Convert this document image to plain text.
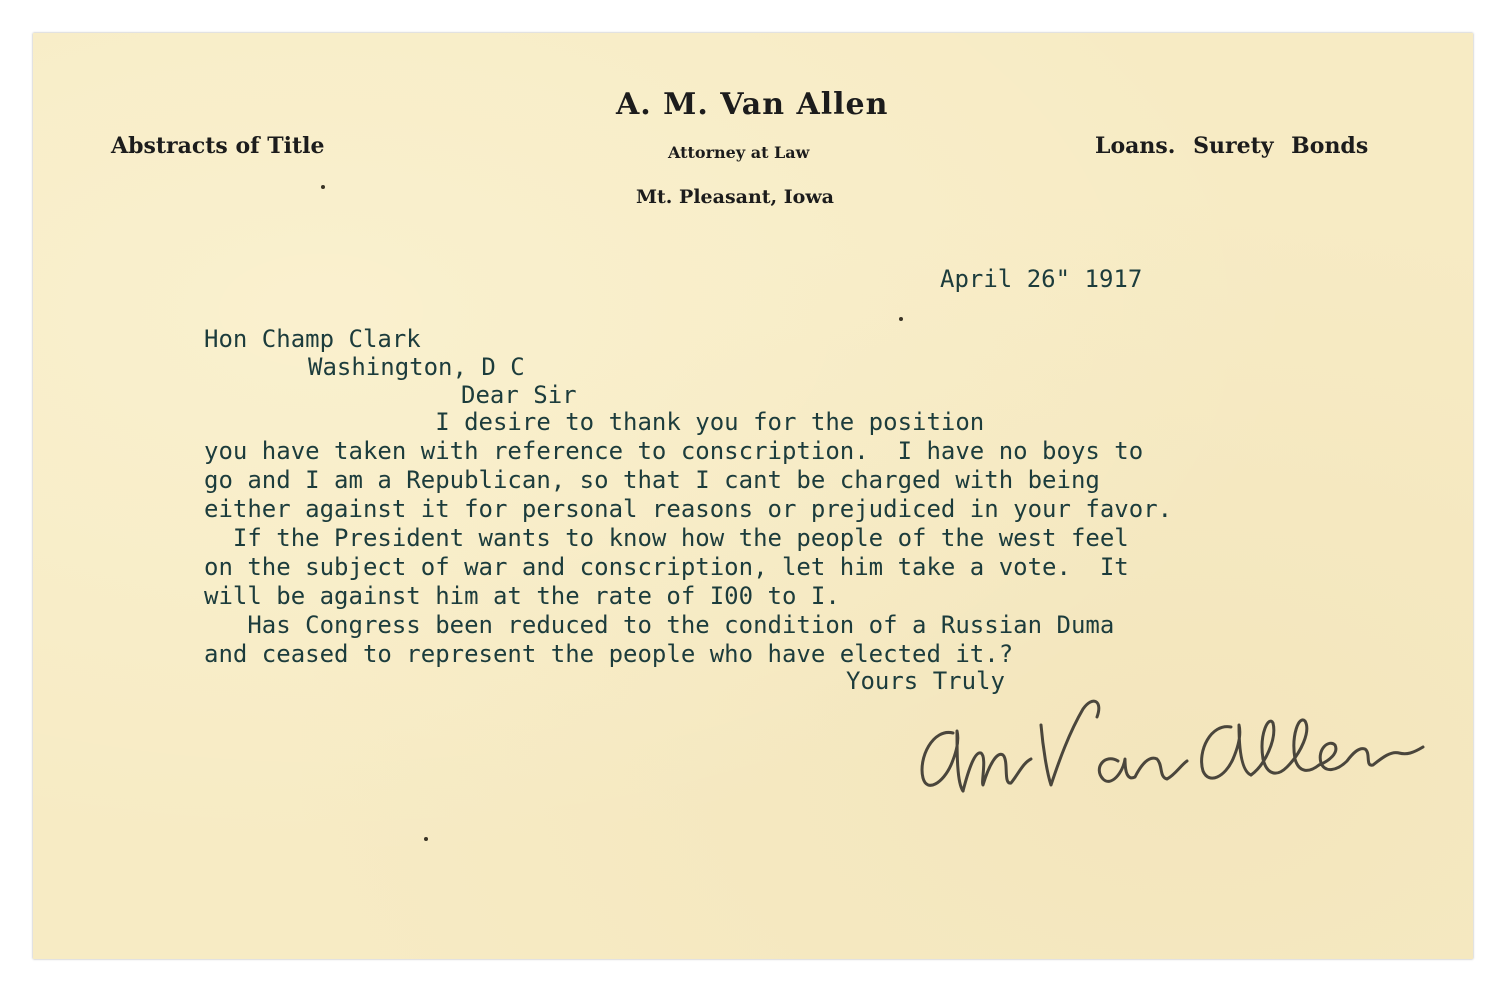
A. M. Van Allen
Attorney at Law
Mt. Pleasant, Iowa
Abstracts of Title	Loans. Surety Bonds
April 26" 1917
Hon Champ Clark
Washington, D C
Dear Sir
I desire to thank you for the position
you have taken with reference to conscription.  I have no boys to
go and I am a Republican, so that I cant be charged with being
either against it for personal reasons or prejudiced in your favor.
If the President wants to know how the people of the west feel
on the subject of war and conscription, let him take a vote.  It
will be against him at the rate of I00 to I.
Has Congress been reduced to the condition of a Russian Duma
and ceased to represent the people who have elected it.?
Yours Truly
